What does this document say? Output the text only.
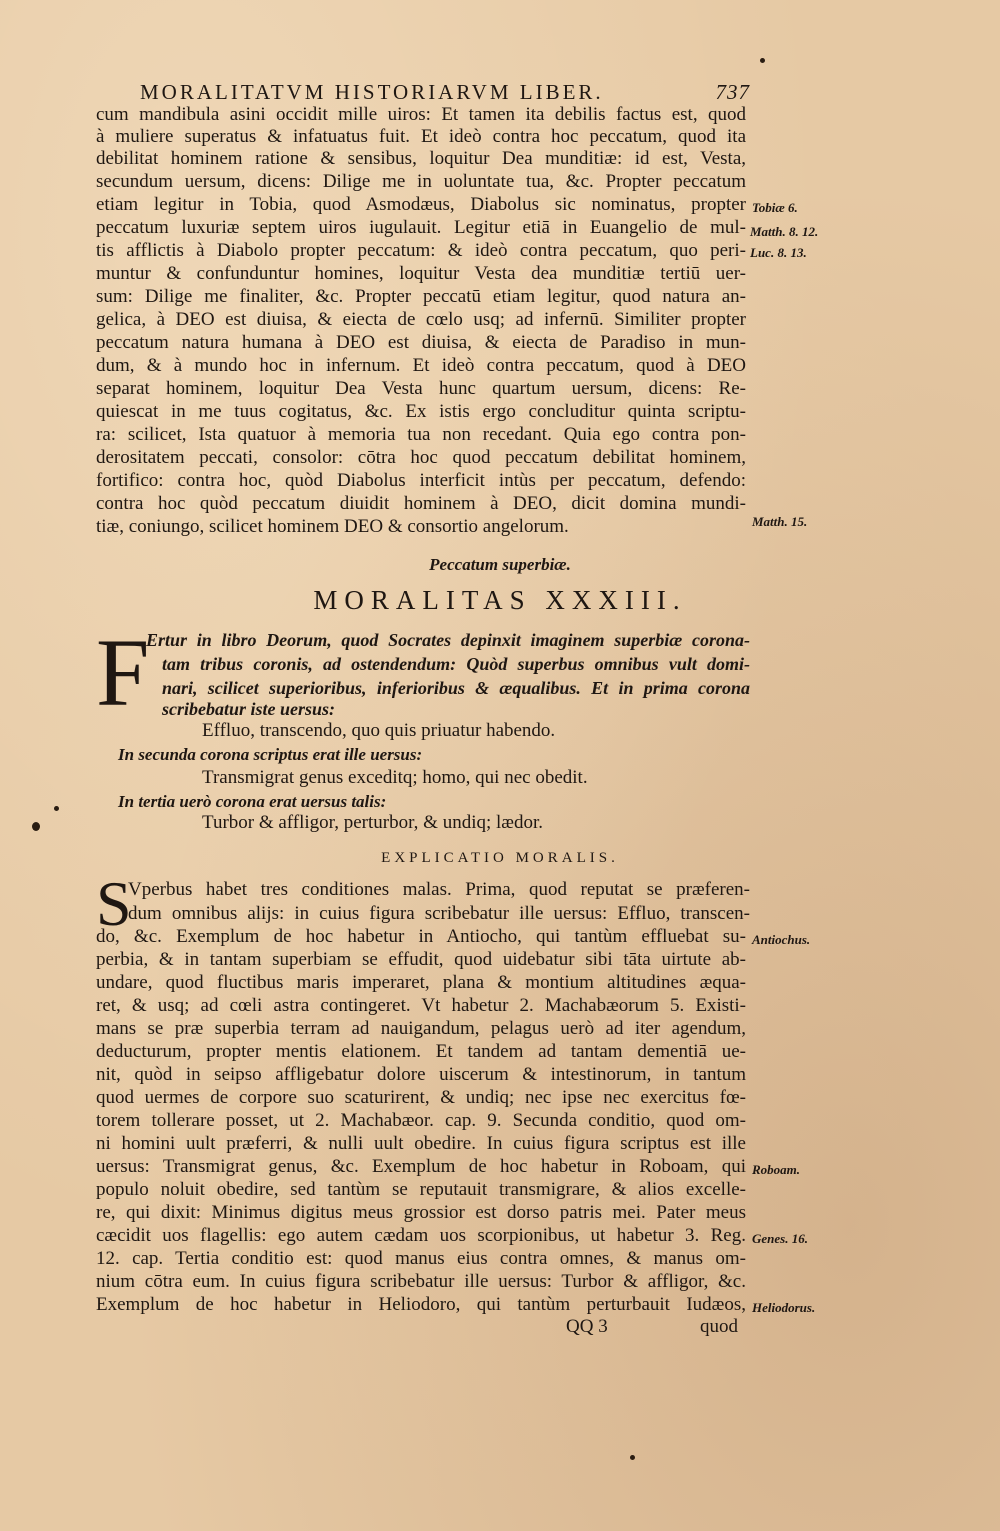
MORALITATVM HISTORIARVM LIBER.	737
cum mandibula asini occidit mille uiros: Et tamen ita debilis factus est, quod
à muliere superatus & infatuatus fuit. Et ideò contra hoc peccatum, quod ita
debilitat hominem ratione & sensibus, loquitur Dea munditiæ: id est, Vesta,
secundum uersum, dicens: Dilige me in uoluntate tua, &c. Propter peccatum
etiam legitur in Tobia, quod Asmodæus, Diabolus sic nominatus, propter
peccatum luxuriæ septem uiros iugulauit. Legitur etiā in Euangelio de mul-
tis afflictis à Diabolo propter peccatum: & ideò contra peccatum, quo peri-
muntur & confunduntur homines, loquitur Vesta dea munditiæ tertiū uer-
sum: Dilige me finaliter, &c. Propter peccatū etiam legitur, quod natura an-
gelica, à DEO est diuisa, & eiecta de cœlo usq; ad infernū. Similiter propter
peccatum natura humana à DEO est diuisa, & eiecta de Paradiso in mun-
dum, & à mundo hoc in infernum. Et ideò contra peccatum, quod à DEO
separat hominem, loquitur Dea Vesta hunc quartum uersum, dicens: Re-
quiescat in me tuus cogitatus, &c. Ex istis ergo concluditur quinta scriptu-
ra: scilicet, Ista quatuor à memoria tua non recedant. Quia ego contra pon-
derositatem peccati, consolor: cōtra hoc quod peccatum debilitat hominem,
fortifico: contra hoc, quòd Diabolus interficit intùs per peccatum, defendo:
contra hoc quòd peccatum diuidit hominem à DEO, dicit domina mundi-
tiæ, coniungo, scilicet hominem DEO & consortio angelorum.
Tobiæ 6.
Matth. 8. 12.
Luc. 8. 13.
Matth. 15.
Peccatum superbiæ.
MORALITAS XXXIII.
F
Ertur in libro Deorum, quod Socrates depinxit imaginem superbiæ corona-
tam tribus coronis, ad ostendendum: Quòd superbus omnibus vult domi-
nari, scilicet superioribus, inferioribus & æqualibus. Et in prima corona
scribebatur iste uersus:
Effluo, transcendo, quo quis priuatur habendo.
In secunda corona scriptus erat ille uersus:
Transmigrat genus exceditq; homo, qui nec obedit.
In tertia uerò corona erat uersus talis:
Turbor & affligor, perturbor, & undiq; lædor.
EXPLICATIO MORALIS.
S
Vperbus habet tres conditiones malas. Prima, quod reputat se præferen-
dum omnibus alijs: in cuius figura scribebatur ille uersus: Effluo, transcen-
do, &c. Exemplum de hoc habetur in Antiocho, qui tantùm effluebat su-
perbia, & in tantam superbiam se effudit, quod uidebatur sibi tāta uirtute ab-
undare, quod fluctibus maris imperaret, plana & montium altitudines æqua-
ret, & usq; ad cœli astra contingeret. Vt habetur 2. Machabæorum 5. Existi-
mans se præ superbia terram ad nauigandum, pelagus uerò ad iter agendum,
deducturum, propter mentis elationem. Et tandem ad tantam dementiā ue-
nit, quòd in seipso affligebatur dolore uiscerum & intestinorum, in tantum
quod uermes de corpore suo scaturirent, & undiq; nec ipse nec exercitus fœ-
torem tollerare posset, ut 2. Machabæor. cap. 9. Secunda conditio, quod om-
ni homini uult præferri, & nulli uult obedire. In cuius figura scriptus est ille
uersus: Transmigrat genus, &c. Exemplum de hoc habetur in Roboam, qui
populo noluit obedire, sed tantùm se reputauit transmigrare, & alios excelle-
re, qui dixit: Minimus digitus meus grossior est dorso patris mei. Pater meus
cæcidit uos flagellis: ego autem cædam uos scorpionibus, ut habetur 3. Reg.
12. cap. Tertia conditio est: quod manus eius contra omnes, & manus om-
nium cōtra eum. In cuius figura scribebatur ille uersus: Turbor & affligor, &c.
Exemplum de hoc habetur in Heliodoro, qui tantùm perturbauit Iudæos,
Antiochus.
Roboam.
Genes. 16.
Heliodorus.
QQ 3	quod
